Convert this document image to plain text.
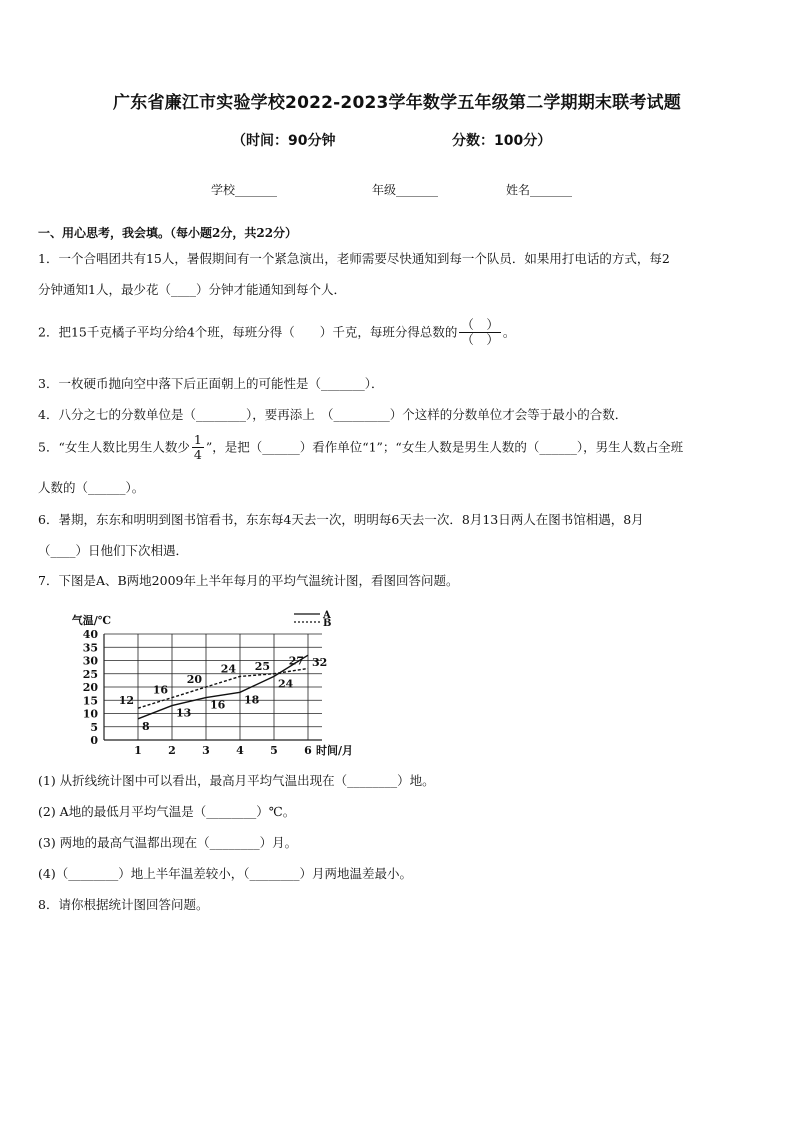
广东省廉江市实验学校2022-2023学年数学五年级第二学期期末联考试题
（时间：90分钟	分数：100分）
学校_______	年级_______	姓名_______
一、用心思考，我会填。（每小题2分，共22分）
1．一个合唱团共有15人，暑假期间有一个紧急演出，老师需要尽快通知到每一个队员．如果用打电话的方式，每2
分钟通知1人，最少花（____）分钟才能通知到每个人．
2．把15千克橘子平均分给4个班，每班分得（　　）千克，每班分得总数的 $\frac{( )}{( )}$ 。
3．一枚硬币抛向空中落下后正面朝上的可能性是（_______）．
4．八分之七的分数单位是（________），要再添上　（_________）个这样的分数单位才会等于最小的合数．
5．“女生人数比男生人数少 $\frac{1}{4}$ ”，是把（______）看作单位“1”；“女生人数是男生人数的（______），男生人数占全班
人数的（______）。
6．暑期，东东和明明到图书馆看书，东东每4天去一次，明明每6天去一次．8月13日两人在图书馆相遇，8月
（____）日他们下次相遇．
7．下图是A、B两地2009年上半年每月的平均气温统计图，看图回答问题。
0
5
10
15
20
25
30
35
40
1 2 3 4 5 6
气温/℃
时间/月
A
B
8
13
16 18
24
32
12
16
20
24 25 27
(1) 从折线统计图中可以看出，最高月平均气温出现在（________）地。
(2) A地的最低月平均气温是（________）℃。
(3) 两地的最高气温都出现在（________）月。
(4)（________）地上半年温差较小，（________）月两地温差最小。
8．请你根据统计图回答问题。
